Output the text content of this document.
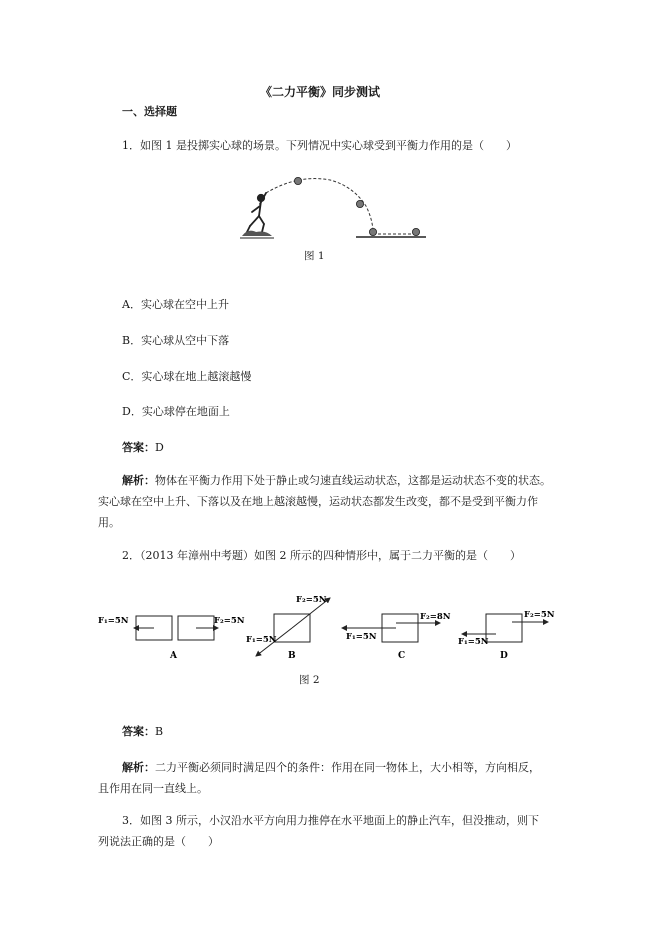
《二力平衡》同步测试
一、选择题
1．如图 1 是投掷实心球的场景。下列情况中实心球受到平衡力作用的是（　　）
图 1
A．实心球在空中上升
B．实心球从空中下落
C．实心球在地上越滚越慢
D．实心球停在地面上
答案：D
解析：物体在平衡力作用下处于静止或匀速直线运动状态，这都是运动状态不变的状态。
实心球在空中上升、下落以及在地上越滚越慢，运动状态都发生改变，都不是受到平衡力作
用。
2．（2013 年漳州中考题）如图 2 所示的四种情形中，属于二力平衡的是（　　）
F₁=5N	F₂=5N
A
F₂=5N
F₁=5N
B
F₁=5N
F₂=8N
C
F₁=5N
F₂=5N
D
图 2
答案：B
解析：二力平衡必须同时满足四个的条件：作用在同一物体上，大小相等，方向相反，
且作用在同一直线上。
3．如图 3 所示，小汉沿水平方向用力推停在水平地面上的静止汽车，但没推动，则下
列说法正确的是（　　）
